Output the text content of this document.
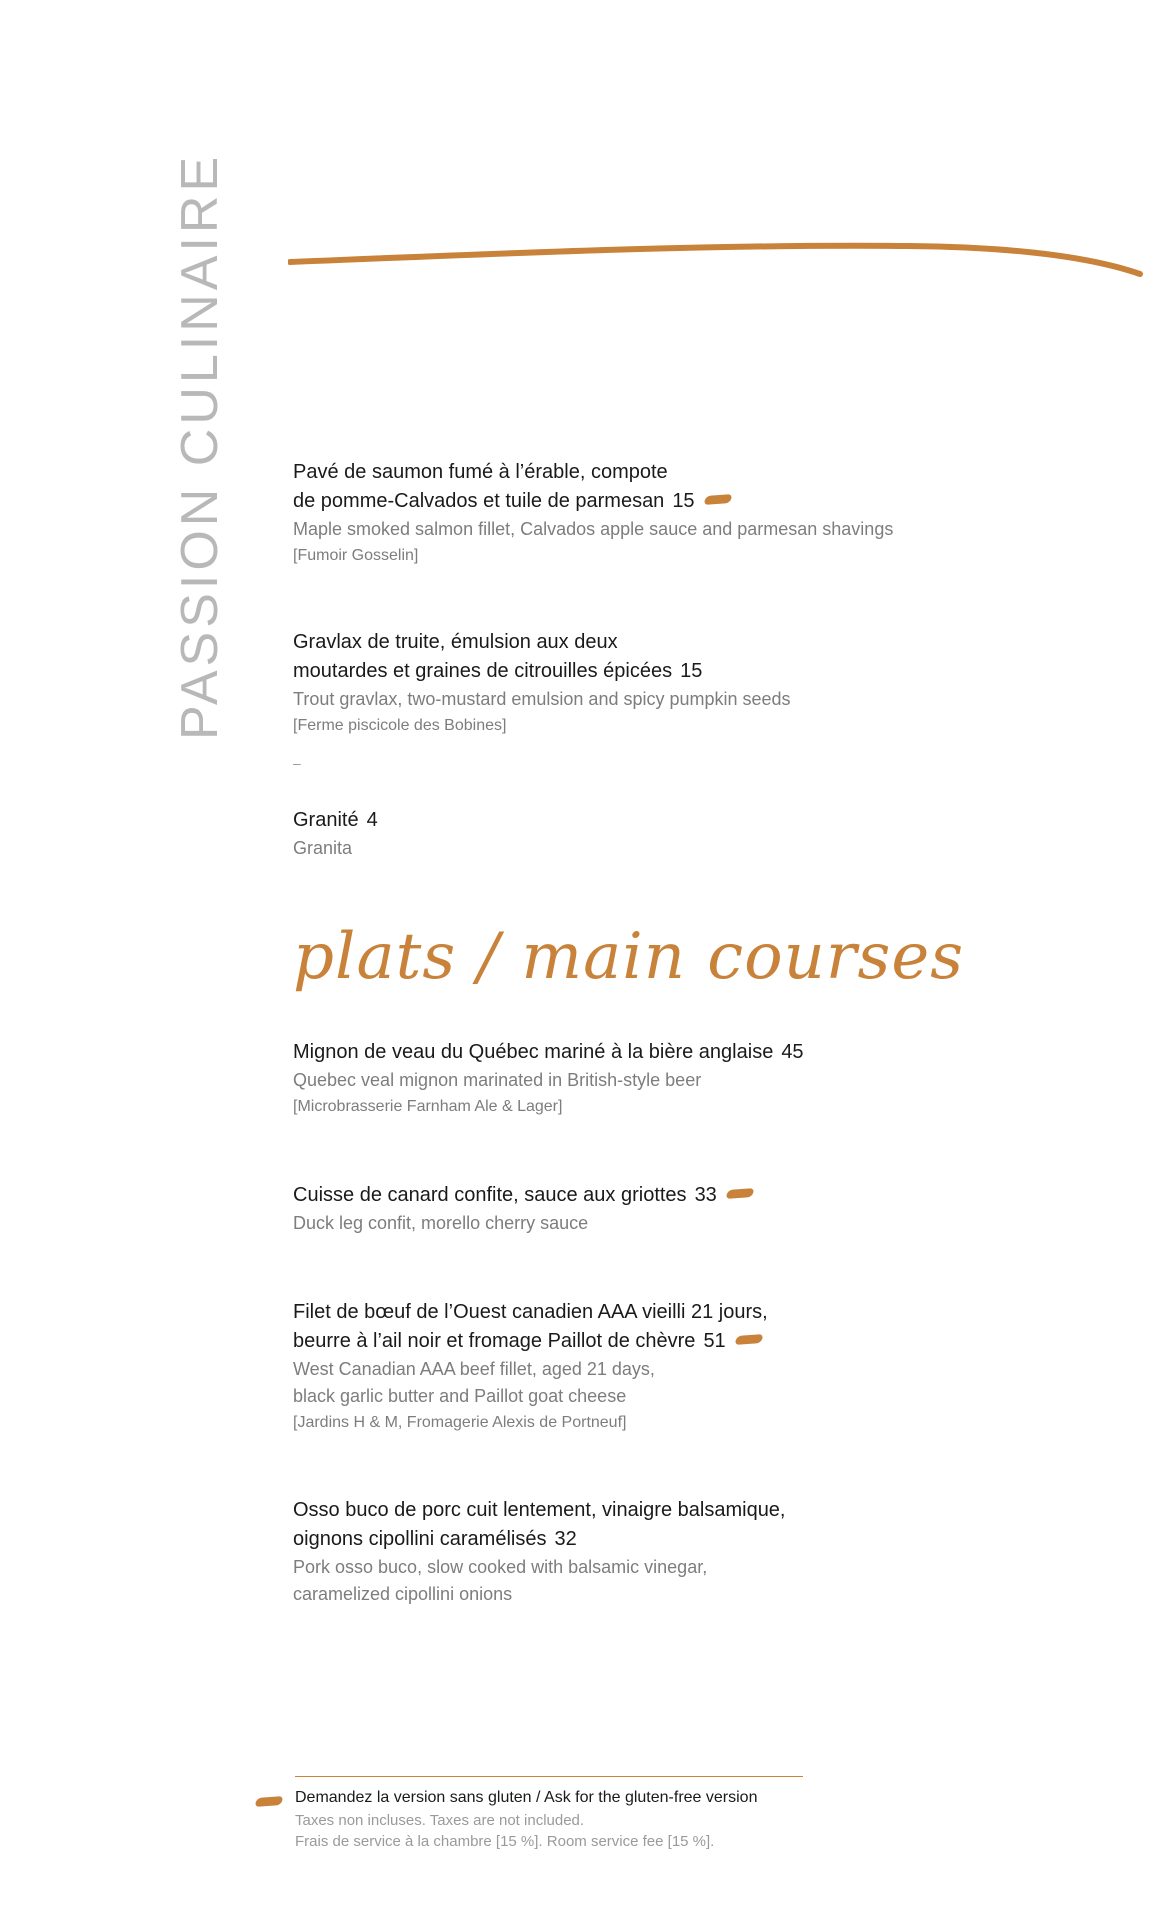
PASSION CULINAIRE	Pavé de saumon fumé à l’érable, compote
de pomme-Calvados et tuile de parmesan 15
Maple smoked salmon fillet, Calvados apple sauce and parmesan shavings
[Fumoir Gosselin]
Gravlax de truite, émulsion aux deux
moutardes et graines de citrouilles épicées 15
Trout gravlax, two-mustard emulsion and spicy pumpkin seeds
[Ferme piscicole des Bobines]
–
Granité 4
Granita
plats / main courses
Mignon de veau du Québec mariné à la bière anglaise 45
Quebec veal mignon marinated in British-style beer
[Microbrasserie Farnham Ale & Lager]
Cuisse de canard confite, sauce aux griottes 33
Duck leg confit, morello cherry sauce
Filet de bœuf de l’Ouest canadien AAA vieilli 21 jours,
beurre à l’ail noir et fromage Paillot de chèvre 51
West Canadian AAA beef fillet, aged 21 days,
black garlic butter and Paillot goat cheese
[Jardins H & M, Fromagerie Alexis de Portneuf]
Osso buco de porc cuit lentement, vinaigre balsamique,
oignons cipollini caramélisés 32
Pork osso buco, slow cooked with balsamic vinegar,
caramelized cipollini onions
Demandez la version sans gluten / Ask for the gluten-free version
Taxes non incluses. Taxes are not included.
Frais de service à la chambre [15 %]. Room service fee [15 %].
